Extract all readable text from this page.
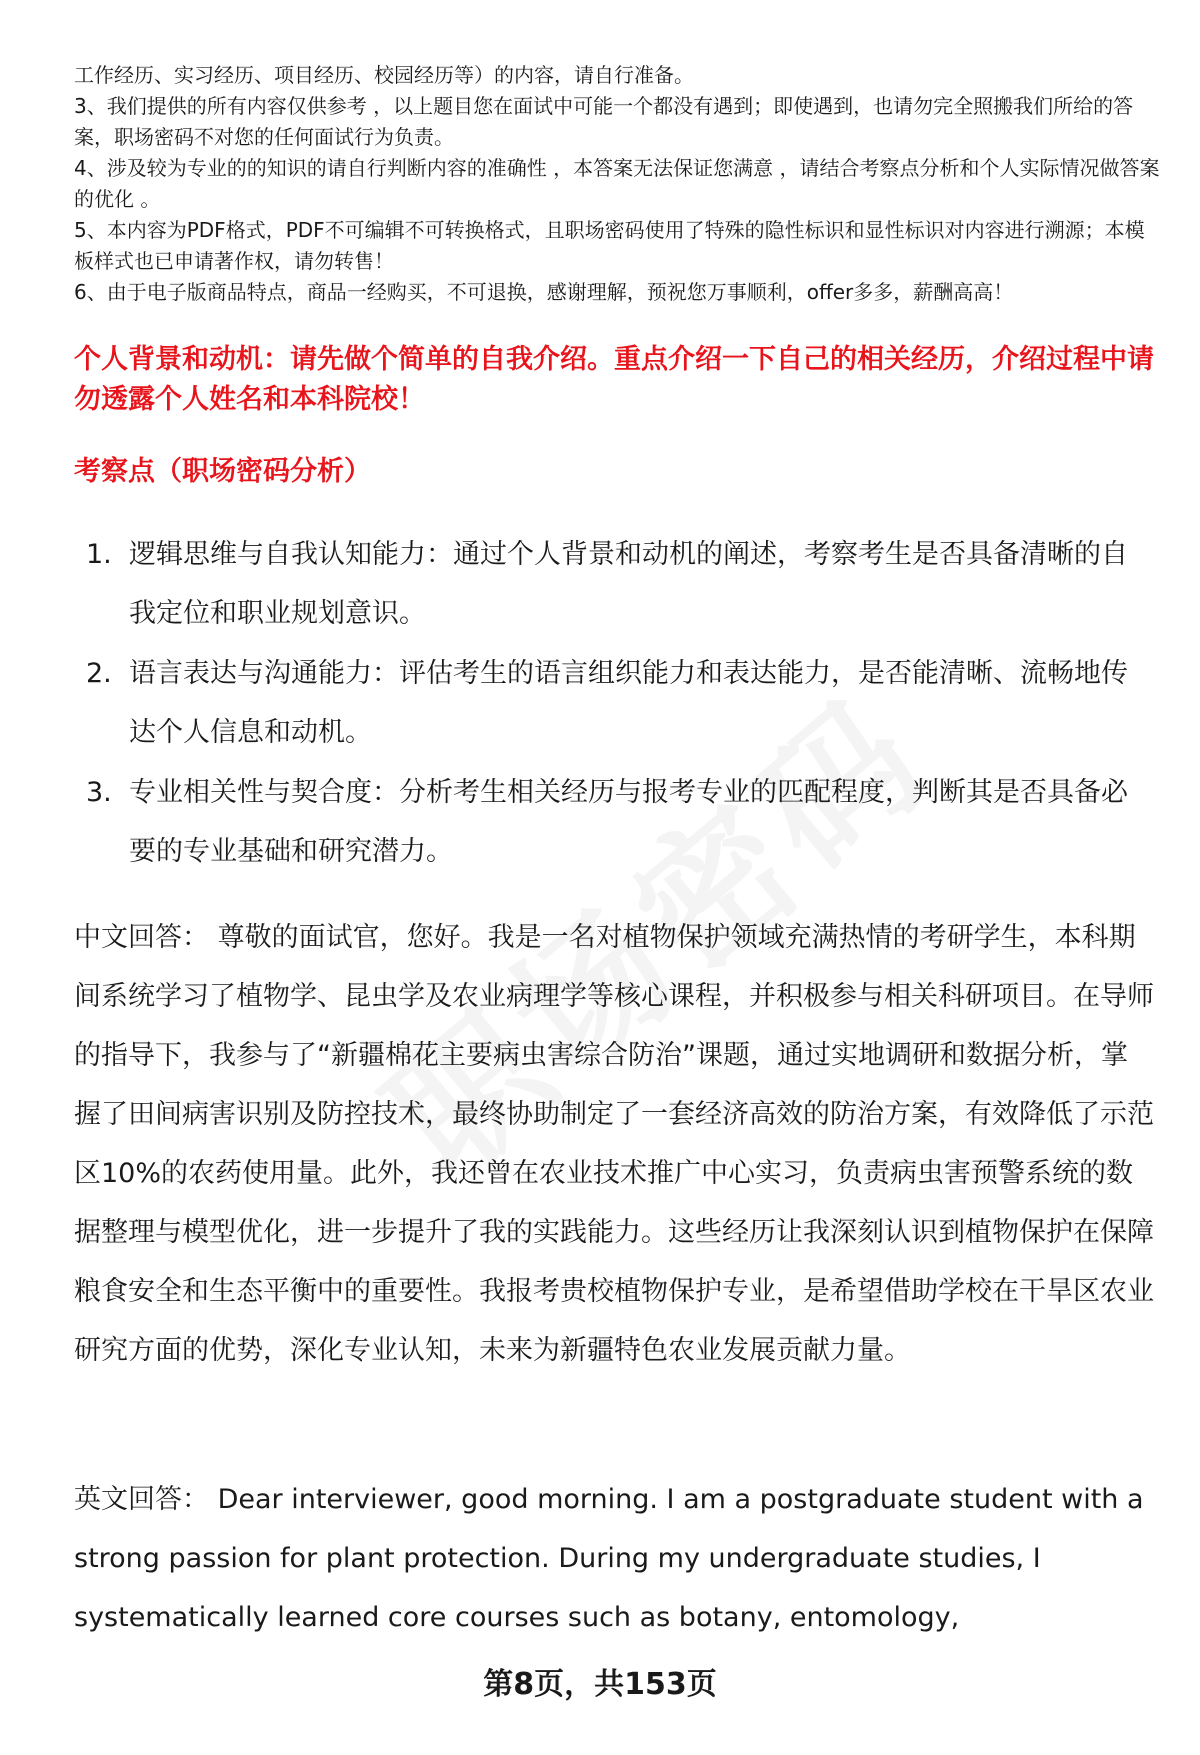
工作经历、实习经历、项目经历、校园经历等）的内容，请自行准备。

3、我们提供的所有内容仅供参考 ，以上题目您在面试中可能一个都没有遇到；即使遇到，也请勿完全照搬我们所给的答案，职场密码不对您的任何面试行为负责。

4、涉及较为专业的的知识的请自行判断内容的准确性 ，本答案无法保证您满意 ，请结合考察点分析和个人实际情况做答案的优化 。

5、本内容为PDF格式，PDF不可编辑不可转换格式，且职场密码使用了特殊的隐性标识和显性标识对内容进行溯源；本模板样式也已申请著作权，请勿转售！

6、由于电子版商品特点，商品一经购买，不可退换，感谢理解，预祝您万事顺利，offer多多，薪酬高高！

个人背景和动机：请先做个简单的自我介绍。重点介绍一下自己的相关经历，介绍过程中请勿透露个人姓名和本科院校！
考察点（职场密码分析）
1. 逻辑思维与自我认知能力：通过个人背景和动机的阐述，考察考生是否具备清晰的自我定位和职业规划意识。
2. 语言表达与沟通能力：评估考生的语言组织能力和表达能力，是否能清晰、流畅地传达个人信息和动机。
3. 专业相关性与契合度：分析考生相关经历与报考专业的匹配程度，判断其是否具备必要的专业基础和研究潜力。

中文回答： 尊敬的面试官，您好。我是一名对植物保护领域充满热情的考研学生，本科期间系统学习了植物学、昆虫学及农业病理学等核心课程，并积极参与相关科研项目。在导师的指导下，我参与了“新疆棉花主要病虫害综合防治”课题，通过实地调研和数据分析，掌握了田间病害识别及防控技术，最终协助制定了一套经济高效的防治方案，有效降低了示范区10%的农药使用量。此外，我还曾在农业技术推广中心实习，负责病虫害预警系统的数据整理与模型优化，进一步提升了我的实践能力。这些经历让我深刻认识到植物保护在保障粮食安全和生态平衡中的重要性。我报考贵校植物保护专业，是希望借助学校在干旱区农业研究方面的优势，深化专业认知，未来为新疆特色农业发展贡献力量。

英文回答： Dear interviewer, good morning. I am a postgraduate student with a strong passion for plant protection. During my undergraduate studies, I systematically learned core courses such as botany, entomology,

第8页，共153页
